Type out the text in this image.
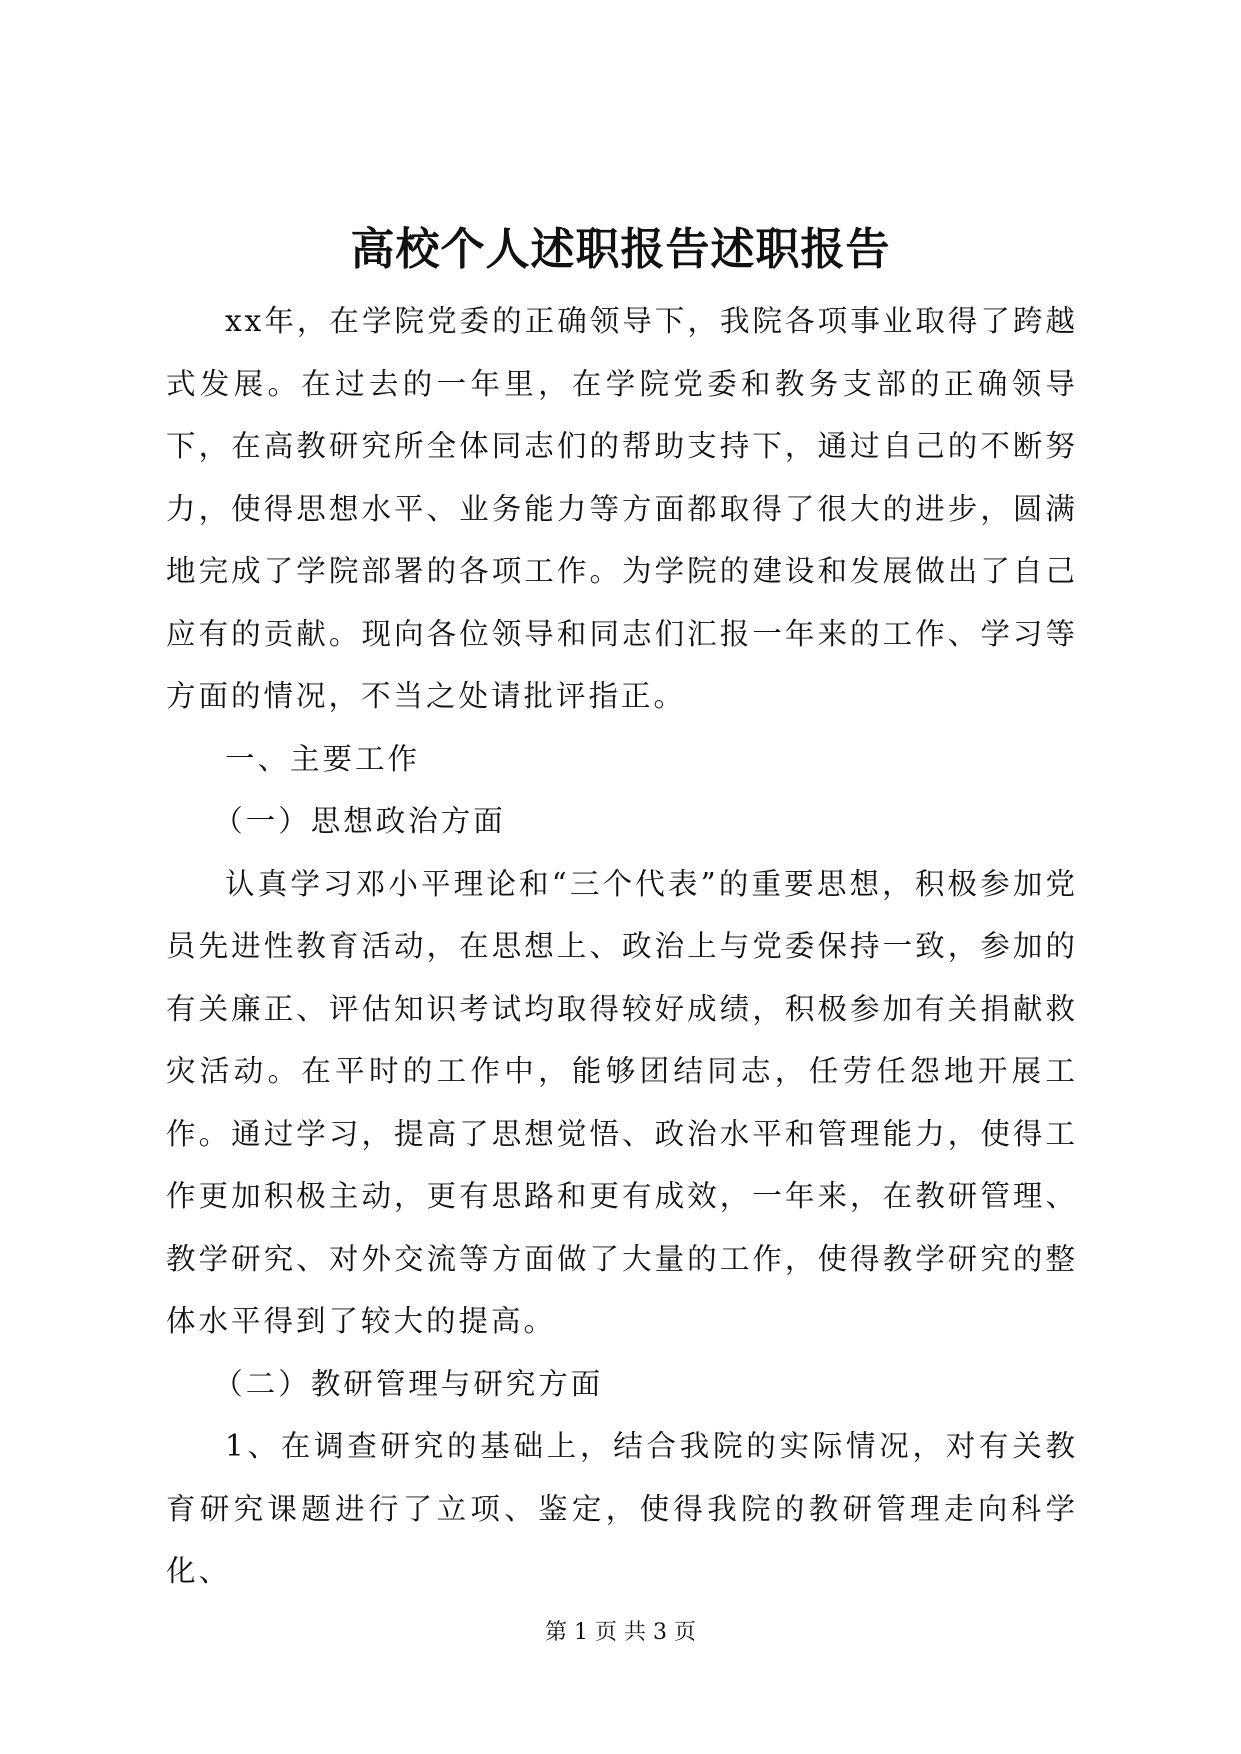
高校个人述职报告述职报告

xx年，在学院党委的正确领导下，我院各项事业取得了跨越式发展。在过去的一年里，在学院党委和教务支部的正确领导下，在高教研究所全体同志们的帮助支持下，通过自己的不断努力，使得思想水平、业务能力等方面都取得了很大的进步，圆满地完成了学院部署的各项工作。为学院的建设和发展做出了自己应有的贡献。现向各位领导和同志们汇报一年来的工作、学习等方面的情况，不当之处请批评指正。

一、主要工作

（一）思想政治方面

认真学习邓小平理论和“三个代表”的重要思想，积极参加党员先进性教育活动，在思想上、政治上与党委保持一致，参加的有关廉正、评估知识考试均取得较好成绩，积极参加有关捐献救灾活动。在平时的工作中，能够团结同志，任劳任怨地开展工作。通过学习，提高了思想觉悟、政治水平和管理能力，使得工作更加积极主动，更有思路和更有成效，一年来，在教研管理、教学研究、对外交流等方面做了大量的工作，使得教学研究的整体水平得到了较大的提高。

（二）教研管理与研究方面

1、在调查研究的基础上，结合我院的实际情况，对有关教育研究课题进行了立项、鉴定，使得我院的教研管理走向科学化、

第 1 页 共 3 页
